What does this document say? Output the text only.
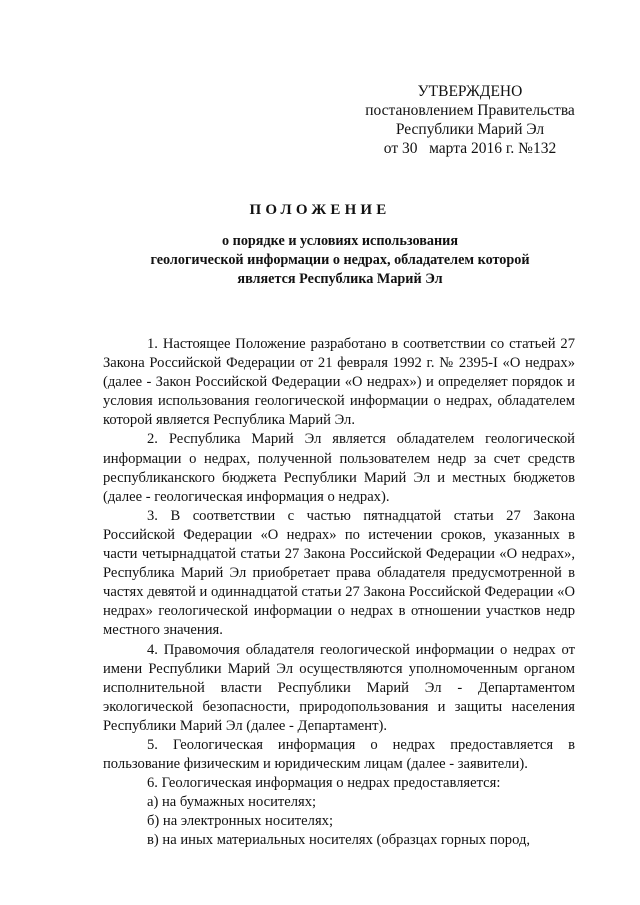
УТВЕРЖДЕНО
постановлением Правительства
Республики Марий Эл
от 30   марта 2016 г. №132
ПОЛОЖЕНИЕ
о порядке и условиях использования
геологической информации о недрах, обладателем которой
является Республика Марий Эл

1. Настоящее Положение разработано в соответствии со статьей 27 Закона Российской Федерации от 21 февраля 1992 г. № 2395-I «О недрах» (далее - Закон Российской Федерации «О недрах») и определяет порядок и условия использования геологической информации о недрах, обладателем которой является Республика Марий Эл.

2. Республика Марий Эл является обладателем геологической информации о недрах, полученной пользователем недр за счет средств республиканского бюджета Республики Марий Эл и местных бюджетов (далее - геологическая информация о недрах).

3. В соответствии с частью пятнадцатой статьи 27 Закона Российской Федерации «О недрах» по истечении сроков, указанных в части четырнадцатой статьи 27 Закона Российской Федерации «О недрах», Республика Марий Эл приобретает права обладателя предусмотренной в частях девятой и одиннадцатой статьи 27 Закона Российской Федерации «О недрах» геологической информации о недрах в отношении участков недр местного значения.

4. Правомочия обладателя геологической информации о недрах от имени Республики Марий Эл осуществляются уполномоченным органом исполнительной власти Республики Марий Эл - Департаментом экологической безопасности, природопользования и защиты населения Республики Марий Эл (далее - Департамент).

5. Геологическая информация о недрах предоставляется в пользование физическим и юридическим лицам (далее - заявители).

6. Геологическая информация о недрах предоставляется:

а) на бумажных носителях;

б) на электронных носителях;

в) на иных материальных носителях (образцах горных пород,
